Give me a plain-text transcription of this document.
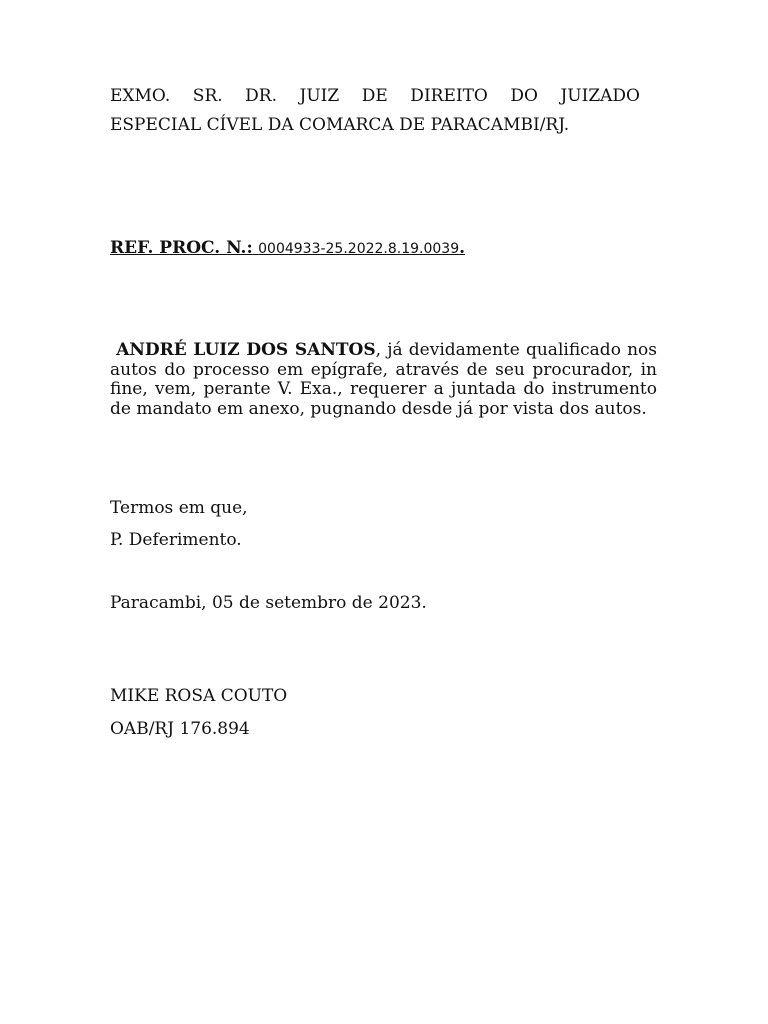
EXMO. SR. DR. JUIZ DE DIREITO DO JUIZADO
ESPECIAL CÍVEL DA COMARCA DE PARACAMBI/RJ.
REF. PROC. N.: 0004933-25.2022.8.19.0039.
ANDRÉ LUIZ DOS SANTOS, já devidamente qualificado nos autos do processo em epígrafe, através de seu procurador, in fine, vem, perante V. Exa., requerer a juntada do instrumento de mandato em anexo, pugnando desde já por vista dos autos.
Termos em que,
P. Deferimento.
Paracambi, 05 de setembro de 2023.
MIKE ROSA COUTO
OAB/RJ 176.894
